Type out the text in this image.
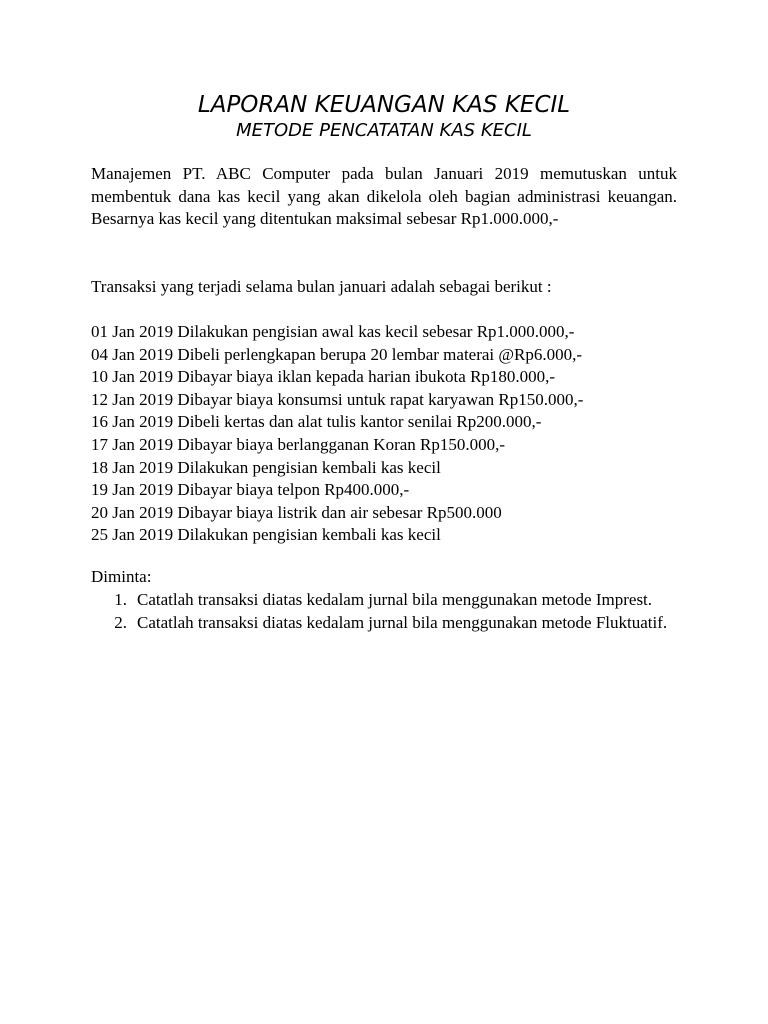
LAPORAN KEUANGAN KAS KECIL
METODE PENCATATAN KAS KECIL
Manajemen PT. ABC Computer pada bulan Januari 2019 memutuskan untuk membentuk dana kas kecil yang akan dikelola oleh bagian administrasi keuangan. Besarnya kas kecil yang ditentukan maksimal sebesar Rp1.000.000,-
Transaksi yang terjadi selama bulan januari adalah sebagai berikut :
01 Jan 2019 Dilakukan pengisian awal kas kecil sebesar Rp1.000.000,-
04 Jan 2019 Dibeli perlengkapan berupa 20 lembar materai @Rp6.000,-
10 Jan 2019 Dibayar biaya iklan kepada harian ibukota Rp180.000,-
12 Jan 2019 Dibayar biaya konsumsi untuk rapat karyawan Rp150.000,-
16 Jan 2019 Dibeli kertas dan alat tulis kantor senilai Rp200.000,-
17 Jan 2019 Dibayar biaya berlangganan Koran Rp150.000,-
18 Jan 2019 Dilakukan pengisian kembali kas kecil
19 Jan 2019 Dibayar biaya telpon Rp400.000,-
20 Jan 2019 Dibayar biaya listrik dan air sebesar Rp500.000
25 Jan 2019 Dilakukan pengisian kembali kas kecil
Diminta:
1. Catatlah transaksi diatas kedalam jurnal bila menggunakan metode Imprest.
2. Catatlah transaksi diatas kedalam jurnal bila menggunakan metode Fluktuatif.
